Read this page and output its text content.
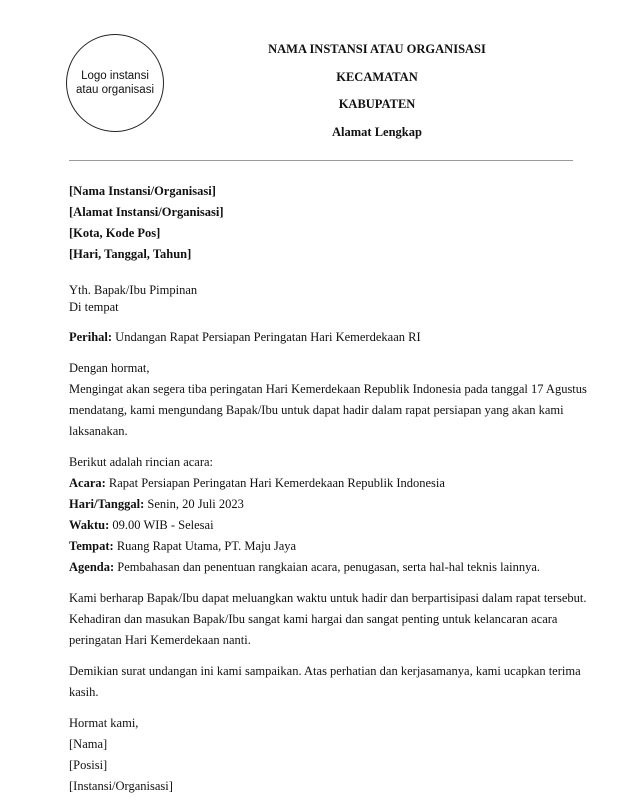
Logo instansi
atau organisasi
NAMA INSTANSI ATAU ORGANISASI
KECAMATAN
KABUPATEN
Alamat Lengkap
[Nama Instansi/Organisasi]
[Alamat Instansi/Organisasi]
[Kota, Kode Pos]
[Hari, Tanggal, Tahun]
Yth. Bapak/Ibu Pimpinan
Di tempat
Perihal: Undangan Rapat Persiapan Peringatan Hari Kemerdekaan RI
Dengan hormat,
Mengingat akan segera tiba peringatan Hari Kemerdekaan Republik Indonesia pada tanggal 17 Agustus
mendatang, kami mengundang Bapak/Ibu untuk dapat hadir dalam rapat persiapan yang akan kami
laksanakan.
Berikut adalah rincian acara:
Acara: Rapat Persiapan Peringatan Hari Kemerdekaan Republik Indonesia
Hari/Tanggal: Senin, 20 Juli 2023
Waktu: 09.00 WIB - Selesai
Tempat: Ruang Rapat Utama, PT. Maju Jaya
Agenda: Pembahasan dan penentuan rangkaian acara, penugasan, serta hal-hal teknis lainnya.
Kami berharap Bapak/Ibu dapat meluangkan waktu untuk hadir dan berpartisipasi dalam rapat tersebut.
Kehadiran dan masukan Bapak/Ibu sangat kami hargai dan sangat penting untuk kelancaran acara
peringatan Hari Kemerdekaan nanti.
Demikian surat undangan ini kami sampaikan. Atas perhatian dan kerjasamanya, kami ucapkan terima
kasih.
Hormat kami,
[Nama]
[Posisi]
[Instansi/Organisasi]
